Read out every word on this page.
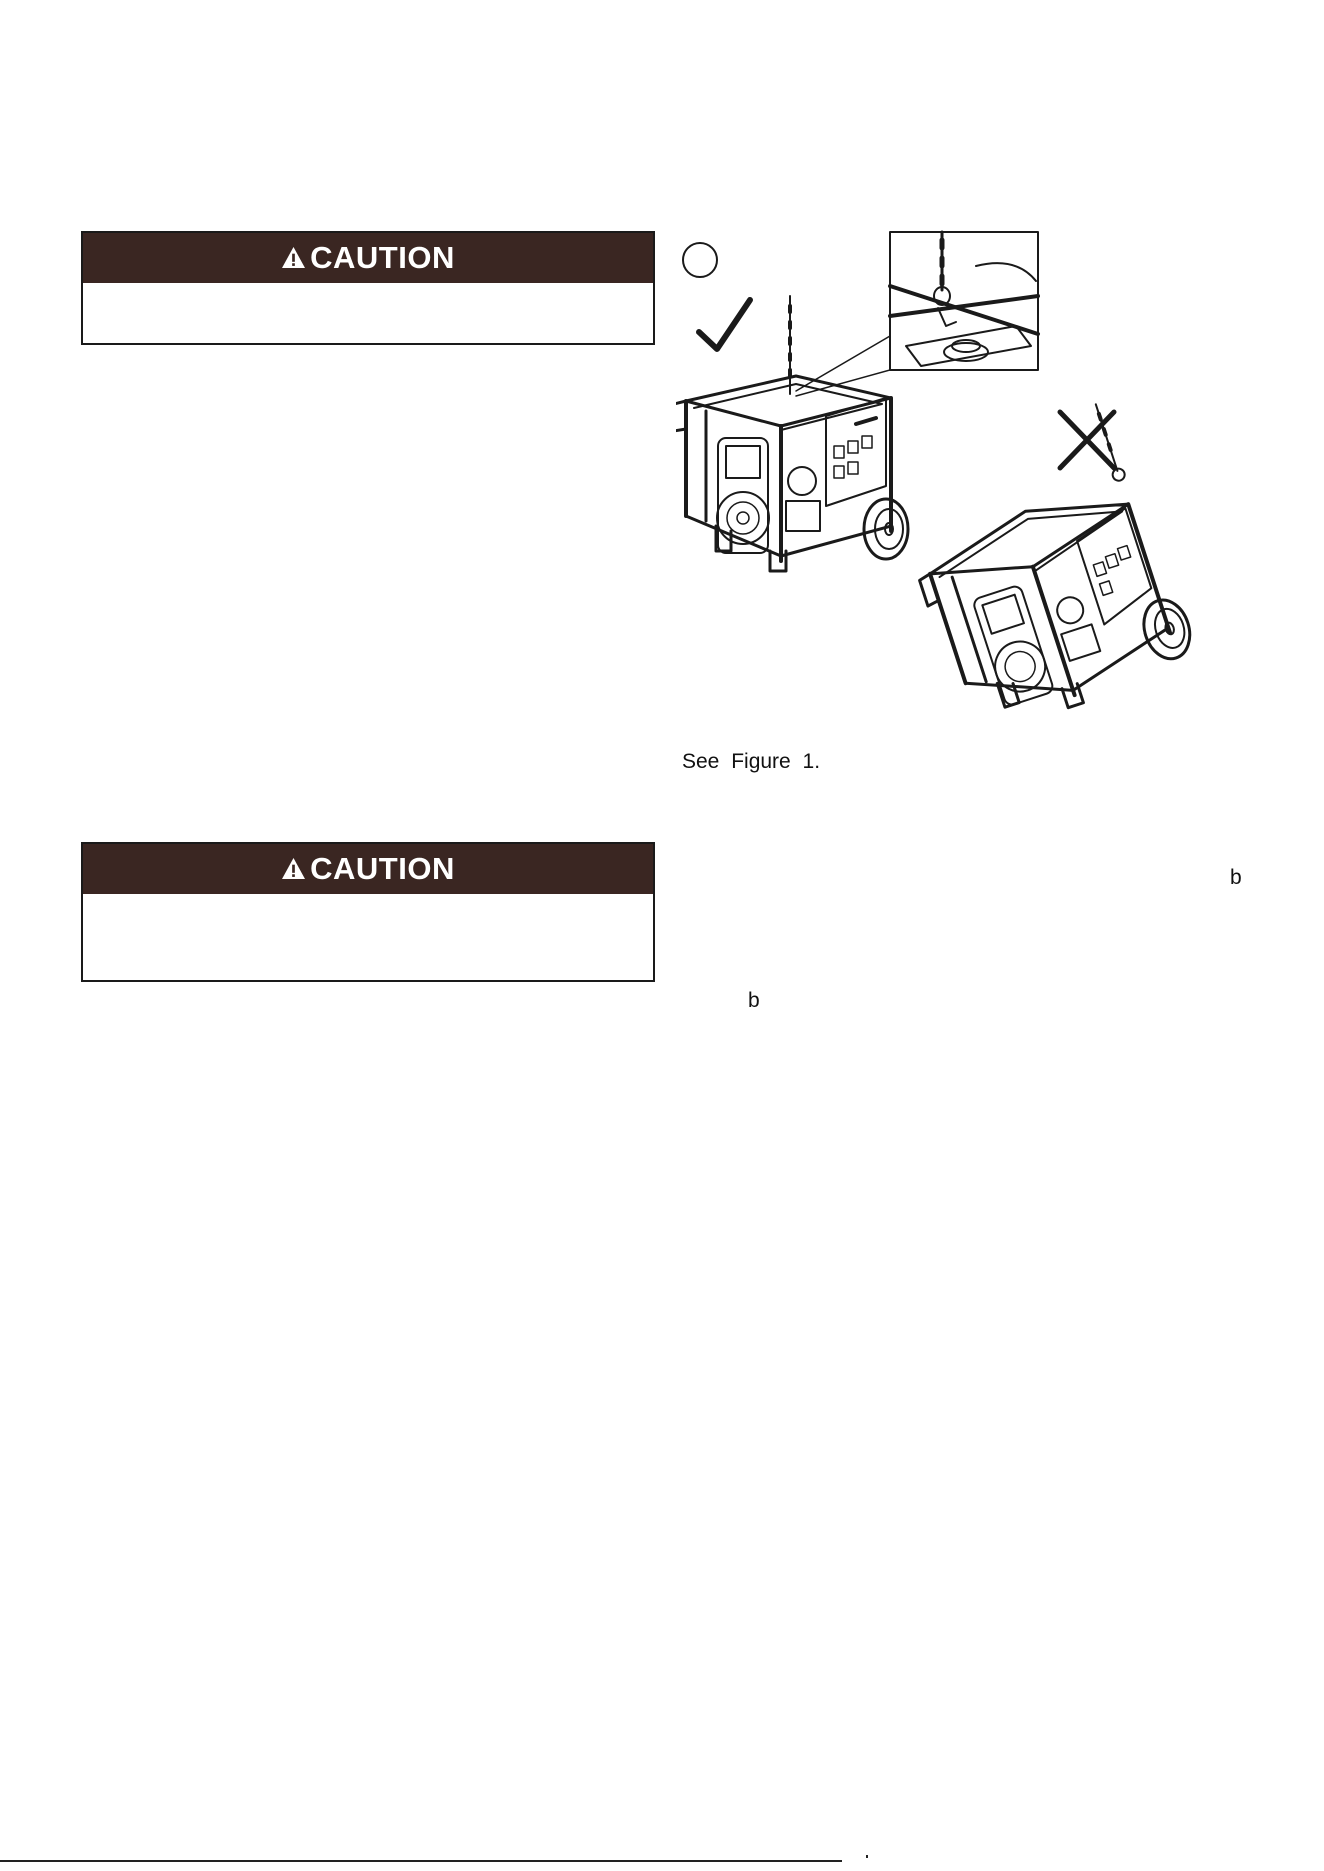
CAUTION
CAUTION
See Figure 1.
b
b
